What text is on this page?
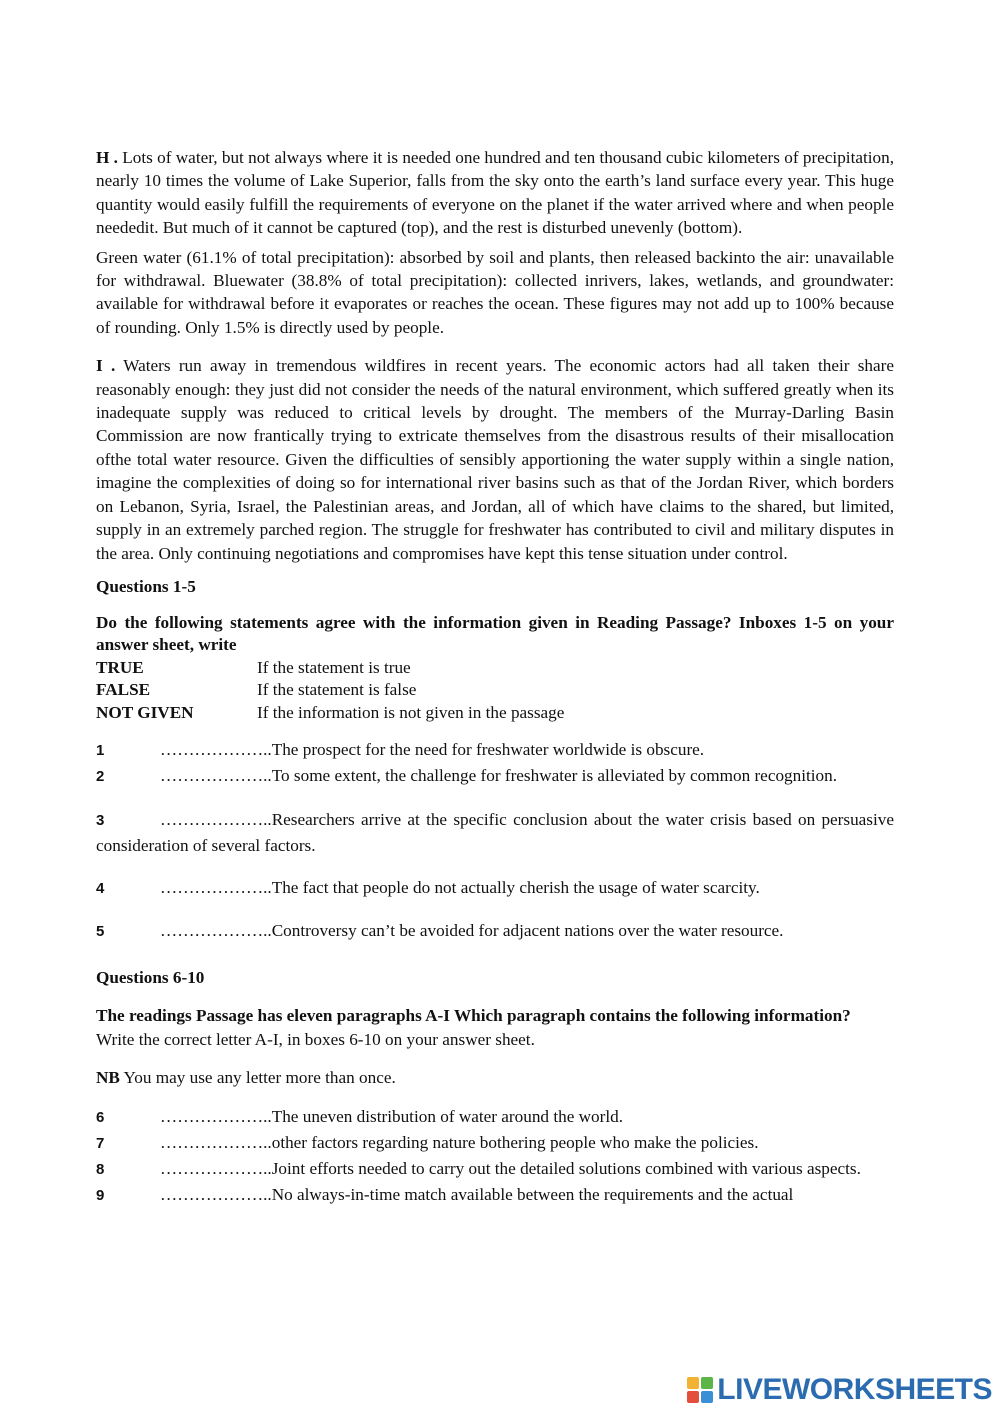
H . Lots of water, but not always where it is needed one hundred and ten thousand cubic kilometers of precipitation, nearly 10 times the volume of Lake Superior, falls from the sky onto the earth’s land surface every year. This huge quantity would easily fulfill the requirements of everyone on the planet if the water arrived where and when people neededit. But much of it cannot be captured (top), and the rest is disturbed unevenly (bottom).

Green water (61.1% of total precipitation): absorbed by soil and plants, then released backinto the air: unavailable for withdrawal. Bluewater (38.8% of total precipitation): collected inrivers, lakes, wetlands, and groundwater: available for withdrawal before it evaporates or reaches the ocean. These figures may not add up to 100% because of rounding. Only 1.5% is directly used by people.

I . Waters run away in tremendous wildfires in recent years. The economic actors had all taken their share reasonably enough: they just did not consider the needs of the natural environment, which suffered greatly when its inadequate supply was reduced to critical levels by drought. The members of the Murray-Darling Basin Commission are now frantically trying to extricate themselves from the disastrous results of their misallocation ofthe total water resource. Given the difficulties of sensibly apportioning the water supply within a single nation, imagine the complexities of doing so for international river basins such as that of the Jordan River, which borders on Lebanon, Syria, Israel, the Palestinian areas, and Jordan, all of which have claims to the shared, but limited, supply in an extremely parched region. The struggle for freshwater has contributed to civil and military disputes in the area. Only continuing negotiations and compromises have kept this tense situation under control.

Questions 1-5

Do the following statements agree with the information given in Reading Passage? Inboxes 1-5 on your answer sheet, write

TRUE	If the statement is true
FALSE	If the statement is false
NOT GIVEN	If the information is not given in the passage
1	………………..The prospect for the need for freshwater worldwide is obscure.
2	………………..To some extent, the challenge for freshwater is alleviated by common recognition.
3	………………..Researchers arrive at the specific conclusion about the water crisis based on persuasive consideration of several factors.
4	………………..The fact that people do not actually cherish the usage of water scarcity.
5	………………..Controversy can’t be avoided for adjacent nations over the water resource.
Questions 6-10

The readings Passage has eleven paragraphs A-I Which paragraph contains the following information?

Write the correct letter A-I, in boxes 6-10 on your answer sheet.

NB You may use any letter more than once.

6	………………..The uneven distribution of water around the world.
7	………………..other factors regarding nature bothering people who make the policies.
8	………………..Joint efforts needed to carry out the detailed solutions combined with various aspects.
9	………………..No always-in-time match available between the requirements and the actual
LIVEWORKSHEETS
